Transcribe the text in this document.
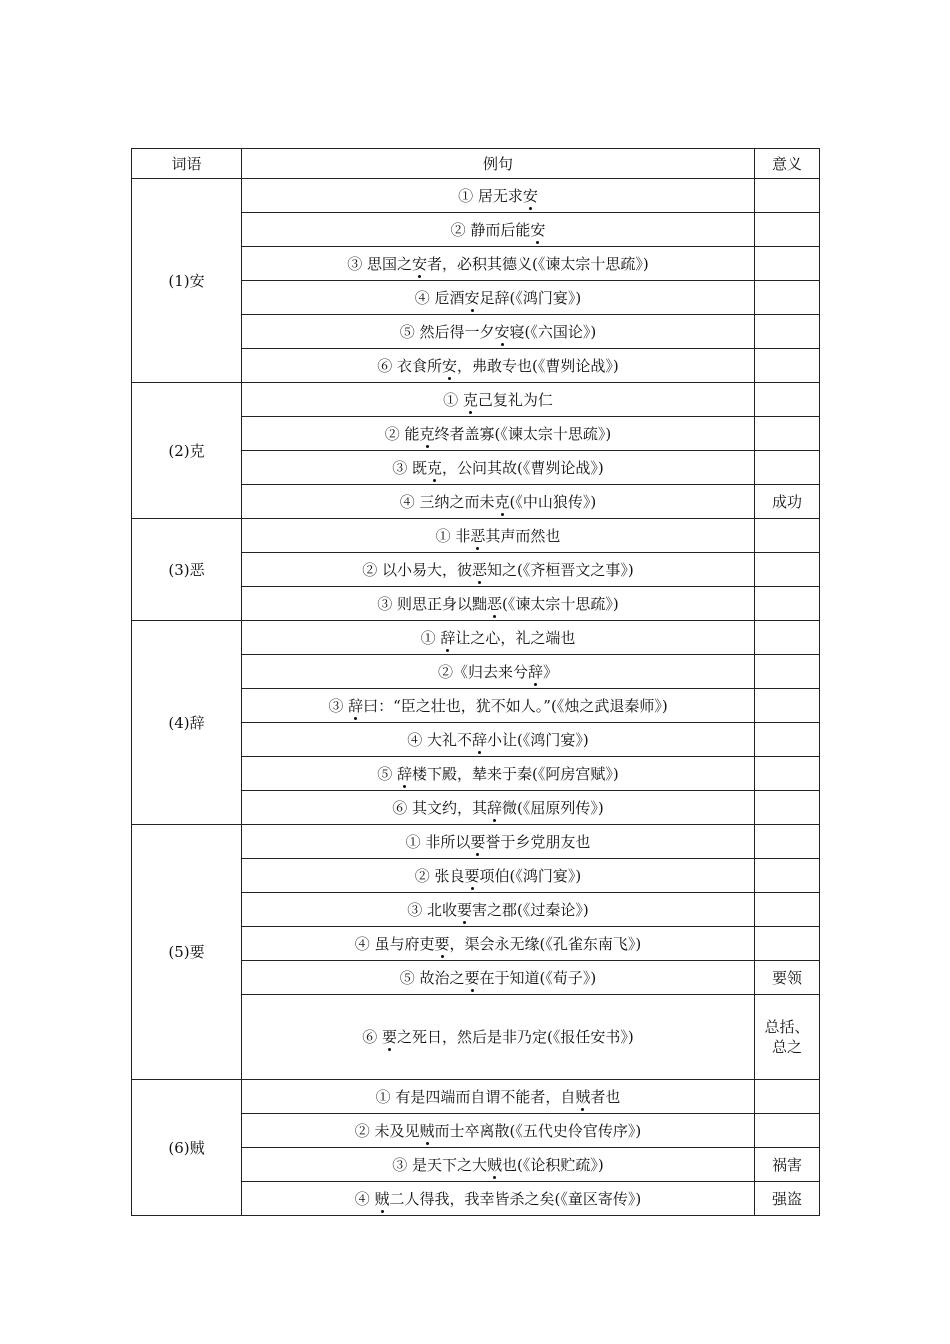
词语	例句	意义
(1)安	① 居无求安	
	② 静而后能安	
	③ 思国之安者，必积其德义(《谏太宗十思疏》)	
	④ 卮酒安足辞(《鸿门宴》)	
	⑤ 然后得一夕安寝(《六国论》)	
	⑥ 衣食所安，弗敢专也(《曹刿论战》)	
(2)克	① 克己复礼为仁	
	② 能克终者盖寡(《谏太宗十思疏》)	
	③ 既克，公问其故(《曹刿论战》)	
	④ 三纳之而未克(《中山狼传》)	成功
(3)恶	① 非恶其声而然也	
	② 以小易大，彼恶知之(《齐桓晋文之事》)	
	③ 则思正身以黜恶(《谏太宗十思疏》)	
(4)辞	① 辞让之心，礼之端也	
	②《归去来兮辞》	
	③ 辞曰：“臣之壮也，犹不如人。”(《烛之武退秦师》)	
	④ 大礼不辞小让(《鸿门宴》)	
	⑤ 辞楼下殿，辇来于秦(《阿房宫赋》)	
	⑥ 其文约，其辞微(《屈原列传》)	
(5)要	① 非所以要誉于乡党朋友也	
	② 张良要项伯(《鸿门宴》)	
	③ 北收要害之郡(《过秦论》)	
	④ 虽与府吏要，渠会永无缘(《孔雀东南飞》)	
	⑤ 故治之要在于知道(《荀子》)	要领
	⑥ 要之死日，然后是非乃定(《报任安书》)	总括、总之
(6)贼	① 有是四端而自谓不能者，自贼者也	
	② 未及见贼而士卒离散(《五代史伶官传序》)	
	③ 是天下之大贼也(《论积贮疏》)	祸害
	④ 贼二人得我，我幸皆杀之矣(《童区寄传》)	强盗
